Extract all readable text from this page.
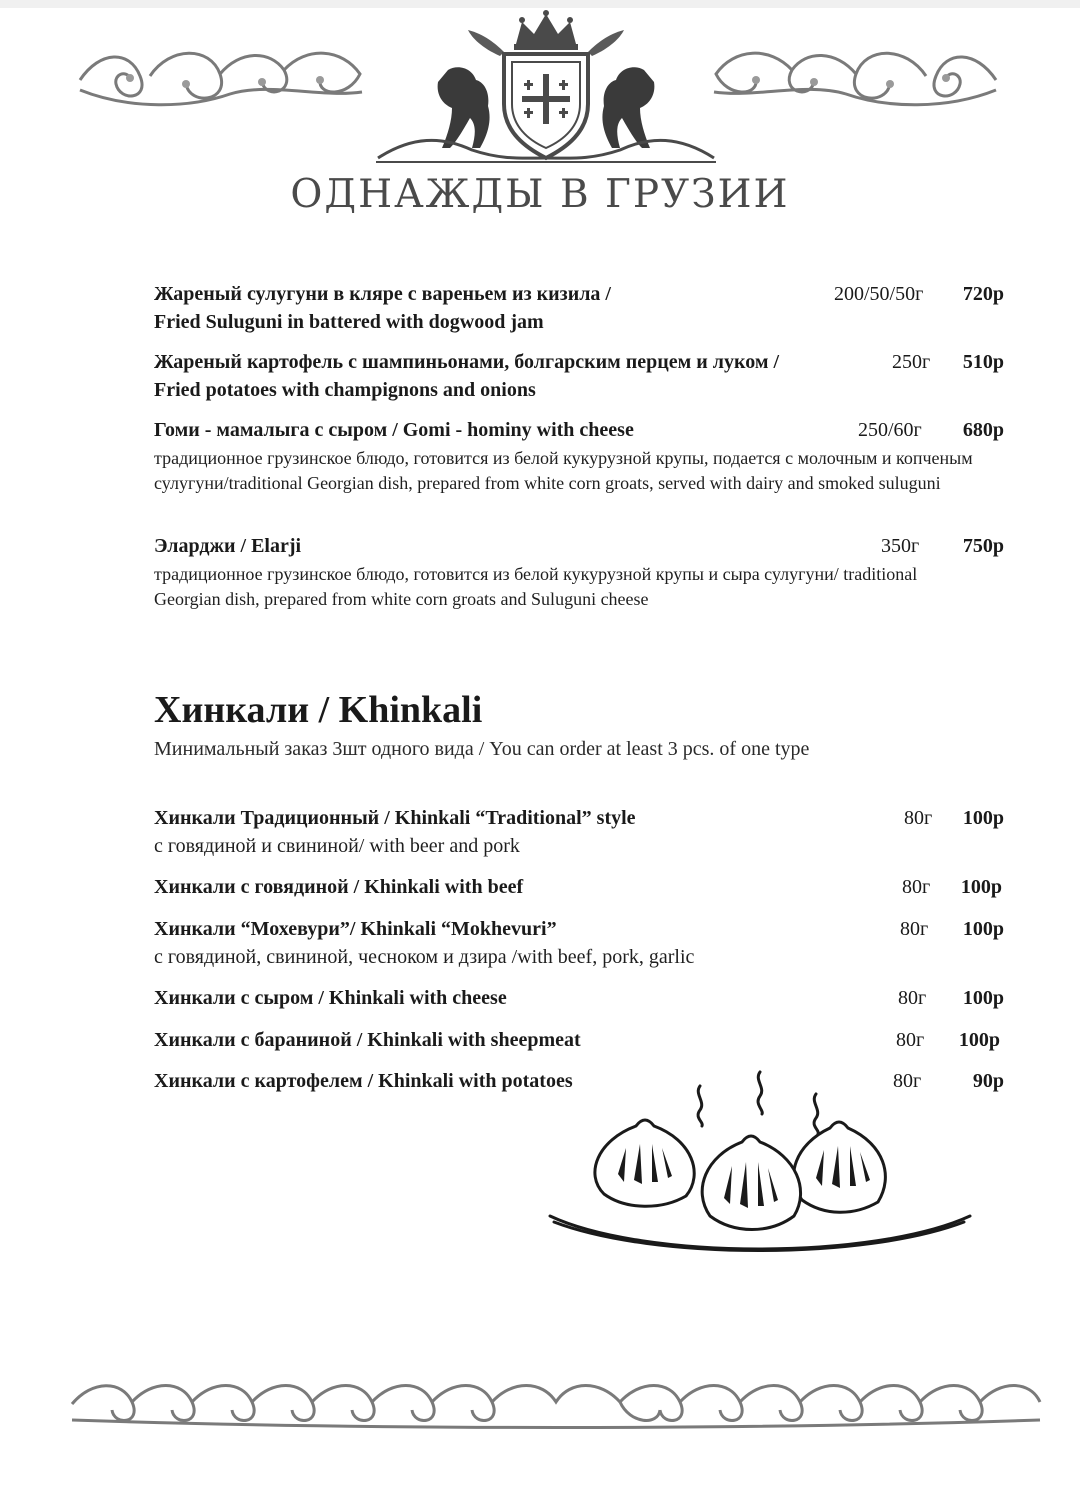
ОДНАЖДЫ В ГРУЗИИ
Жареный сулугуни в кляре с вареньем из кизила /	200/50/50г 720р
Fried Suluguni in battered with dogwood jam
Жареный картофель с шампиньонами, болгарским перцем и луком /	250г 510р
Fried potatoes with champignons and onions
Гоми - мамалыга с сыром / Gomi - hominy with cheese	250/60г 680р
традиционное грузинское блюдо, готовится из белой кукурузной крупы, подается с молочным и копченым сулугуни/traditional Georgian dish, prepared from white corn groats, served with dairy and smoked suluguni
Эларджи / Elarji	350г 750р
традиционное грузинское блюдо, готовится из белой кукурузной крупы и сыра сулугуни/ traditional Georgian dish, prepared from white corn groats and Suluguni cheese
Хинкали / Khinkali
Минимальный заказ 3шт одного вида / You can order at least 3 pcs. of one type
Хинкали Традиционный / Khinkali “Traditional” style	80г 100р
с говядиной и свининой/ with beer and pork
Хинкали с говядиной / Khinkali with beef	80г 100р
Хинкали “Мохевури”/ Khinkali “Mokhevuri”	80г 100р
с говядиной, свининой, чесноком и дзира /with beef, pork, garlic
Хинкали с сыром / Khinkali with cheese	80г 100р
Хинкали с бараниной / Khinkali with sheepmeat	80г 100р
Хинкали с картофелем / Khinkali with potatoes	80г	90р
